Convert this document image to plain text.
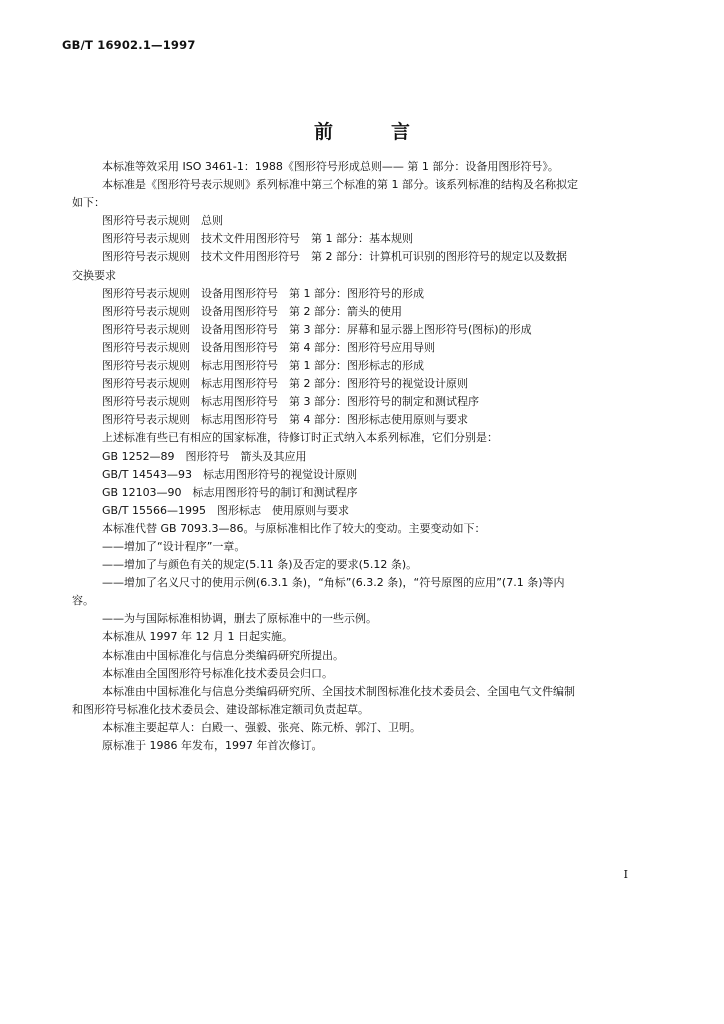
GB/T 16902.1—1997
前言

本标准等效采用 ISO 3461-1：1988《图形符号形成总则—— 第 1 部分：设备用图形符号》。

本标准是《图形符号表示规则》系列标准中第三个标准的第 1 部分。该系列标准的结构及名称拟定

如下：

图形符号表示规则　总则

图形符号表示规则　技术文件用图形符号　第 1 部分：基本规则

图形符号表示规则　技术文件用图形符号　第 2 部分：计算机可识别的图形符号的规定以及数据

交换要求

图形符号表示规则　设备用图形符号　第 1 部分：图形符号的形成

图形符号表示规则　设备用图形符号　第 2 部分：箭头的使用

图形符号表示规则　设备用图形符号　第 3 部分：屏幕和显示器上图形符号(图标)的形成

图形符号表示规则　设备用图形符号　第 4 部分：图形符号应用导则

图形符号表示规则　标志用图形符号　第 1 部分：图形标志的形成

图形符号表示规则　标志用图形符号　第 2 部分：图形符号的视觉设计原则

图形符号表示规则　标志用图形符号　第 3 部分：图形符号的制定和测试程序

图形符号表示规则　标志用图形符号　第 4 部分：图形标志使用原则与要求

上述标准有些已有相应的国家标准，待修订时正式纳入本系列标准，它们分别是：

GB 1252—89　图形符号　箭头及其应用

GB/T 14543—93　标志用图形符号的视觉设计原则

GB 12103—90　标志用图形符号的制订和测试程序

GB/T 15566—1995　图形标志　使用原则与要求

本标准代替 GB 7093.3—86。与原标准相比作了较大的变动。主要变动如下：

——增加了“设计程序”一章。

——增加了与颜色有关的规定(5.11 条)及否定的要求(5.12 条)。

——增加了名义尺寸的使用示例(6.3.1 条)，“角标”(6.3.2 条)，“符号原图的应用”(7.1 条)等内

容。

——为与国际标准相协调，删去了原标准中的一些示例。

本标准从 1997 年 12 月 1 日起实施。

本标准由中国标准化与信息分类编码研究所提出。

本标准由全国图形符号标准化技术委员会归口。

本标准由中国标准化与信息分类编码研究所、全国技术制图标准化技术委员会、全国电气文件编制

和图形符号标准化技术委员会、建设部标准定额司负责起草。

本标准主要起草人：白殿一、强毅、张亮、陈元桥、郭汀、卫明。

原标准于 1986 年发布，1997 年首次修订。

I
